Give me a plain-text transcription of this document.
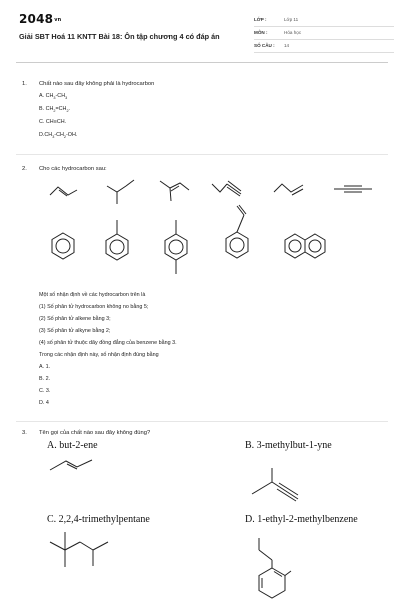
$2048_{vn}$
Giải SBT Hoá 11 KNTT Bài 18: Ôn tập chương 4 có đáp án
LỚP :	Lớp 11
MÔN :	Hóa học
SỐ CÂU : 14
1. Chất nào sau đây không phải là hydrocarbon
A. $CH_3-CH_3$
B. $CH_2=CH_2$.
C. CH≡CH.
$D.CH_3-CH_2-OH$.
2. Cho các hydrocarbon sau:
Một số nhận định về các hydrocarbon trên là
(1) Số phân tử hydrocarbon không no bằng 5;
(2) Số phân tử alkene bằng 3;
(3) Số phân tử alkyne bằng 2;
(4) số phân tử thuộc dãy đồng đẳng của benzene bằng 3.
Trong các nhận định này, số nhận định đúng bằng
A. 1.
B. 2.
C. 3.
D. 4
3. Tên gọi của chất nào sau đây không đúng?
A. but-2-ene	B. 3-methylbut-1-yne
C. 2,2,4-trimethylpentane	D. 1-ethyl-2-methylbenzene
